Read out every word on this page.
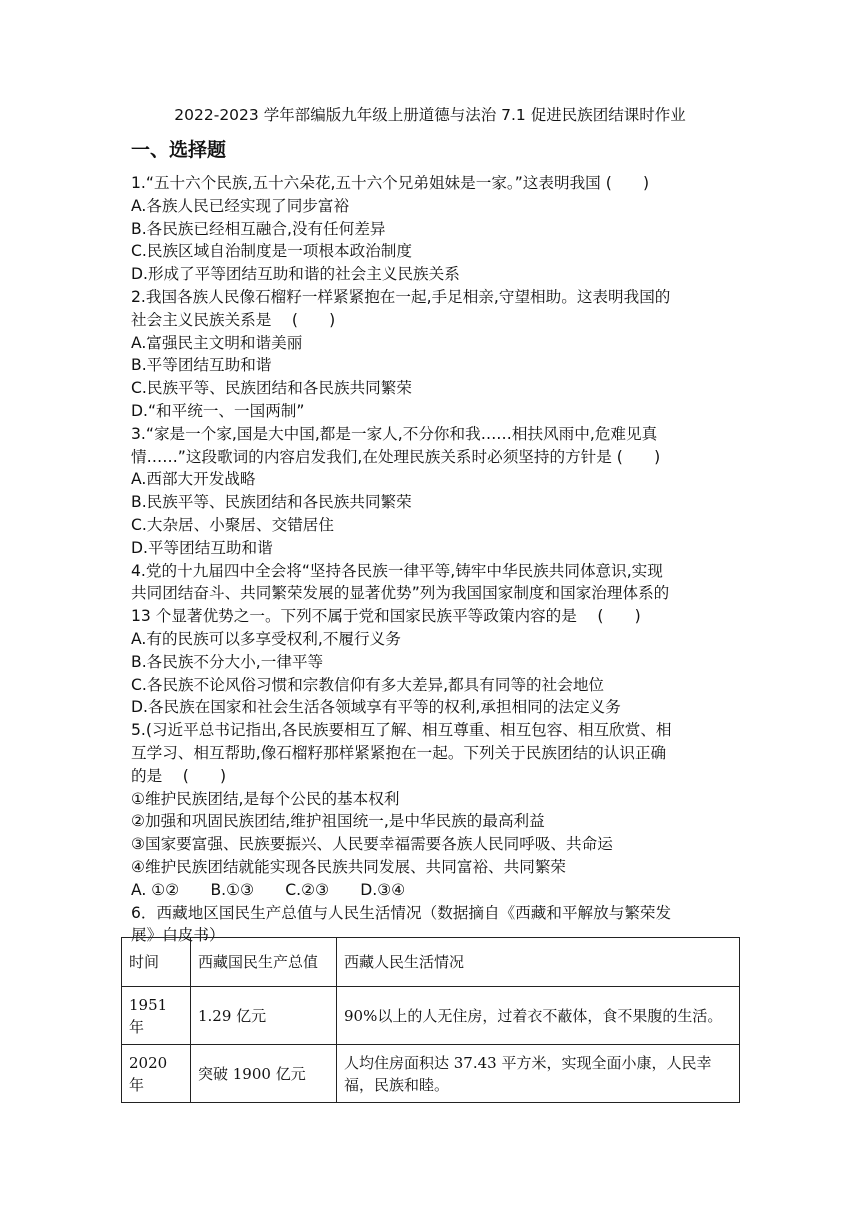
2022-2023 学年部编版九年级上册道德与法治 7.1 促进民族团结课时作业
一、选择题
1.“五十六个民族,五十六朵花,五十六个兄弟姐妹是一家。”这表明我国 (　　)
A.各族人民已经实现了同步富裕
B.各民族已经相互融合,没有任何差异
C.民族区域自治制度是一项根本政治制度
D.形成了平等团结互助和谐的社会主义民族关系
2.我国各族人民像石榴籽一样紧紧抱在一起,手足相亲,守望相助。这表明我国的
社会主义民族关系是　 (　　)
A.富强民主文明和谐美丽
B.平等团结互助和谐
C.民族平等、民族团结和各民族共同繁荣
D.“和平统一、一国两制”
3.“家是一个家,国是大中国,都是一家人,不分你和我……相扶风雨中,危难见真
情……”这段歌词的内容启发我们,在处理民族关系时必须坚持的方针是 (　　)
A.西部大开发战略
B.民族平等、民族团结和各民族共同繁荣
C.大杂居、小聚居、交错居住
D.平等团结互助和谐
4.党的十九届四中全会将“坚持各民族一律平等,铸牢中华民族共同体意识,实现
共同团结奋斗、共同繁荣发展的显著优势”列为我国国家制度和国家治理体系的
13 个显著优势之一。下列不属于党和国家民族平等政策内容的是　 (　　)
A.有的民族可以多享受权利,不履行义务
B.各民族不分大小,一律平等
C.各民族不论风俗习惯和宗教信仰有多大差异,都具有同等的社会地位
D.各民族在国家和社会生活各领域享有平等的权利,承担相同的法定义务
5.(习近平总书记指出,各民族要相互了解、相互尊重、相互包容、相互欣赏、相
互学习、相互帮助,像石榴籽那样紧紧抱在一起。下列关于民族团结的认识正确
的是　 (　　)
①维护民族团结,是每个公民的基本权利
②加强和巩固民族团结,维护祖国统一,是中华民族的最高利益
③国家要富强、民族要振兴、人民要幸福需要各族人民同呼吸、共命运
④维护民族团结就能实现各民族共同发展、共同富裕、共同繁荣
A. ①②　　B.①③　　C.②③　　D.③④
6．西藏地区国民生产总值与人民生活情况（数据摘自《西藏和平解放与繁荣发
展》白皮书）
时间	西藏国民生产总值	西藏人民生活情况
1951 年	1.29 亿元	90%以上的人无住房，过着衣不蔽体，食不果腹的生活。
2020 年	突破 1900 亿元	人均住房面积达 37.43 平方米，实现全面小康，人民幸福，民族和睦。
